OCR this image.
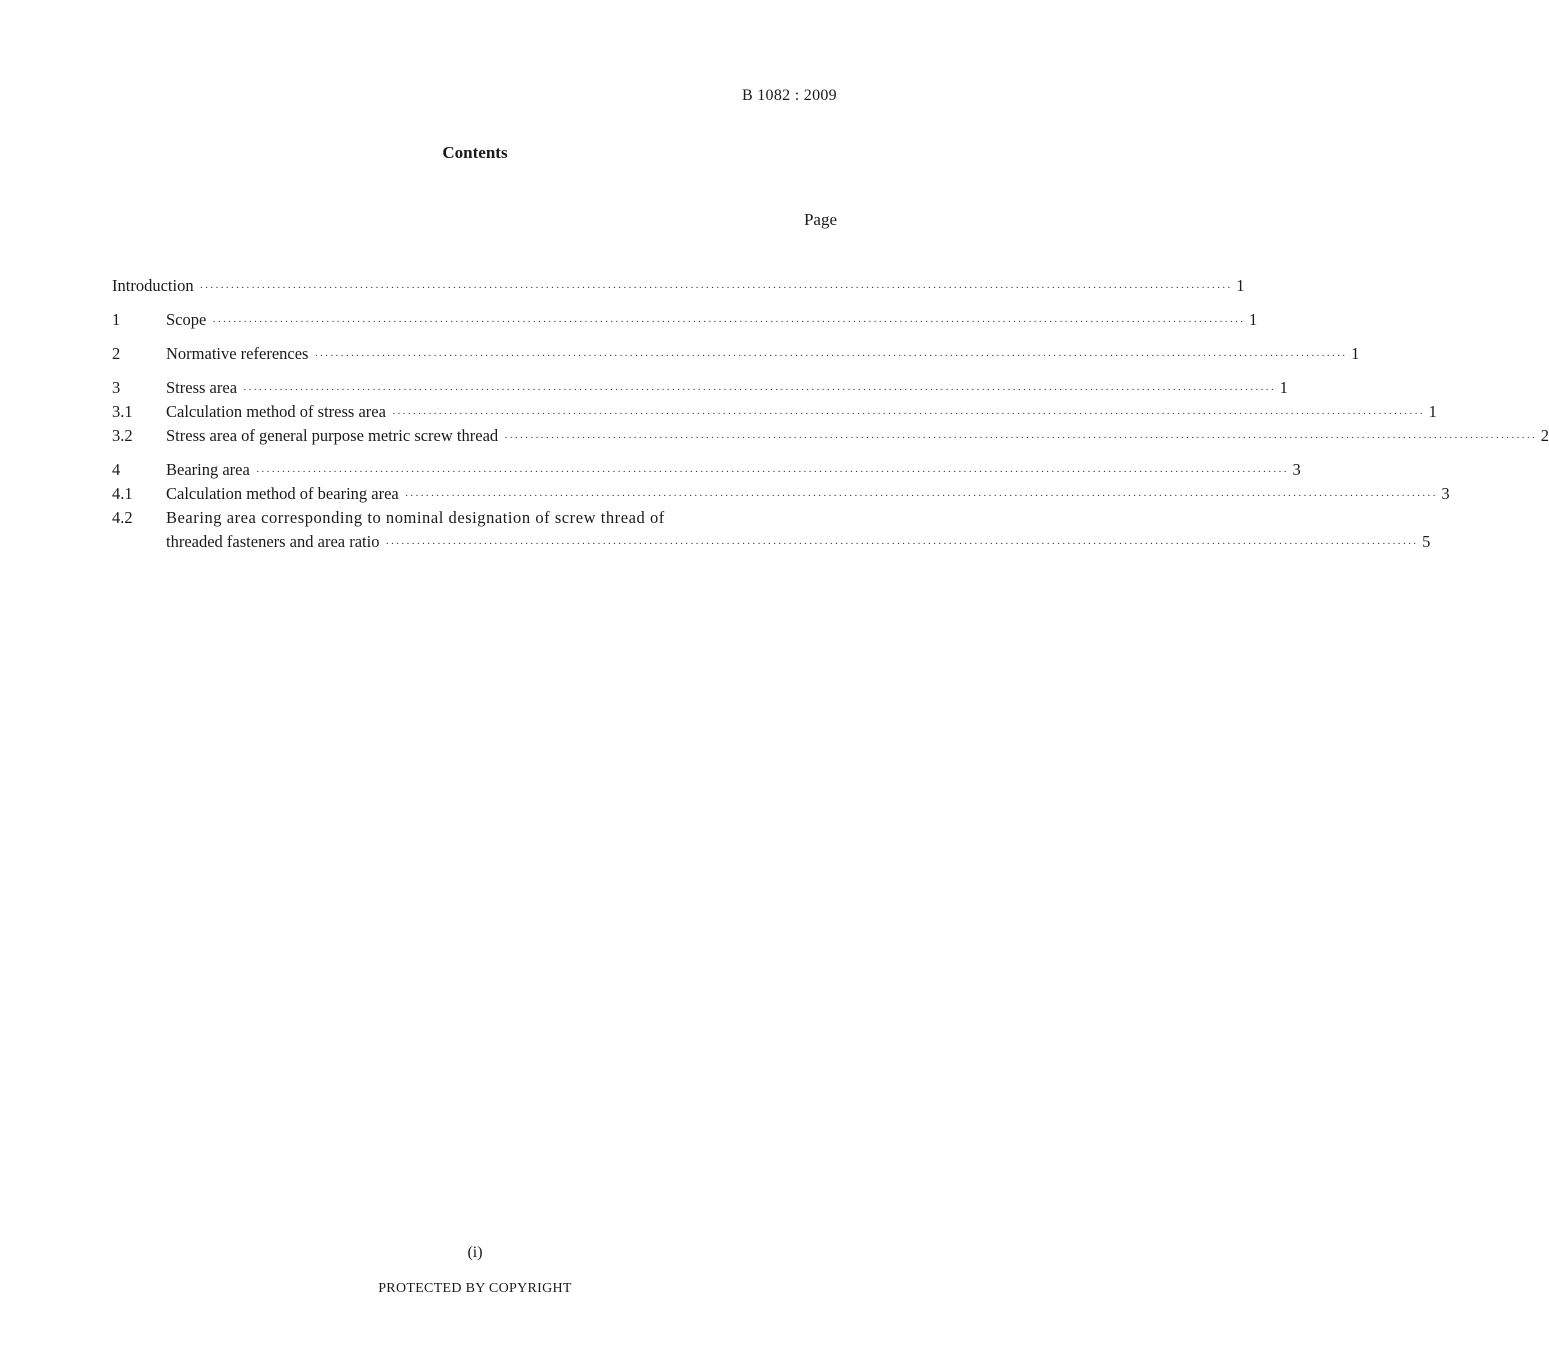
B 1082 : 2009
Contents
Page
Introduction ········································································································································································································ 1
1	Scope ········································································································································································································ 1
2	Normative references ········································································································································································································ 1
3	Stress area ········································································································································································································ 1
3.1	Calculation method of stress area ········································································································································································································ 1
3.2	Stress area of general purpose metric screw thread ········································································································································································································ 2
4	Bearing area ········································································································································································································ 3
4.1	Calculation method of bearing area ········································································································································································································ 3
4.2	Bearing area corresponding to nominal designation of screw thread of
threaded fasteners and area ratio ········································································································································································································ 5
(i)
PROTECTED BY COPYRIGHT
